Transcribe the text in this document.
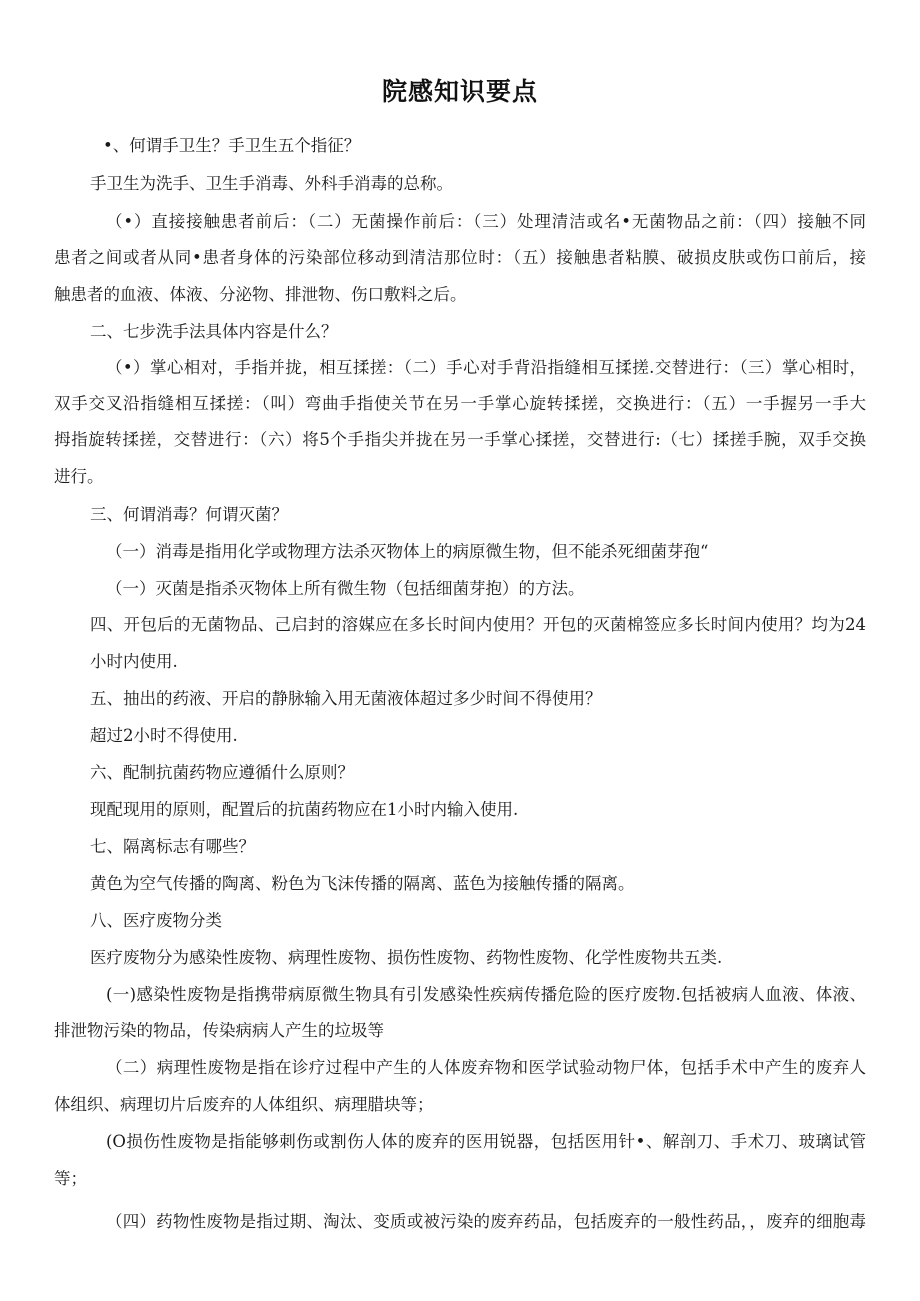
院感知识要点
•、何谓手卫生？手卫生五个指征？
手卫生为洗手、卫生手消毒、外科手消毒的总称。
（•）直接接触患者前后：（二）无菌操作前后：（三）处理清洁或名•无菌物品之前：（四）接触不同
患者之间或者从同•患者身体的污染部位移动到清洁那位时：（五）接触患者粘膜、破损皮肤或伤口前后，接
触患者的血液、体液、分泌物、排泄物、伤口敷料之后。
二、七步洗手法具体内容是什么？
（•）掌心相对，手指并拢，相互揉搓：（二）手心对手背沿指缝相互揉搓.交替进行：（三）掌心相时，
双手交叉沿指缝相互揉搓：（叫）弯曲手指使关节在另一手掌心旋转揉搓，交换进行：（五）一手握另一手大
拇指旋转揉搓，交替进行：（六）将5个手指尖并拢在另一手掌心揉搓，交替进行:（七）揉搓手腕，双手交换
进行。
三、何谓消毒？何谓灭菌？
（一）消毒是指用化学或物理方法杀灭物体上的病原微生物，但不能杀死细菌芽孢“
（一）灭菌是指杀灭物体上所有微生物（包括细菌芽抱）的方法。
四、开包后的无菌物品、己启封的溶媒应在多长时间内使用？开包的灭菌棉签应多长时间内使用？均为24
小时内使用.
五、抽出的药液、开启的静脉输入用无菌液体超过多少时间不得使用？
超过2小时不得使用.
六、配制抗菌药物应遵循什么原则？
现配现用的原则，配置后的抗菌药物应在1小时内输入使用.
七、隔离标志有哪些？
黄色为空气传播的陶离、粉色为飞沫传播的隔离、蓝色为接触传播的隔离。
八、医疗废物分类
医疗废物分为感染性废物、病理性废物、损伤性废物、药物性废物、化学性废物共五类.
(一)感染性废物是指携带病原微生物具有引发感染性疾病传播危险的医疗废物.包括被病人血液、体液、
排泄物污染的物品，传染病病人产生的垃圾等
（二）病理性废物是指在诊疗过程中产生的人体废弃物和医学试验动物尸体，包括手术中产生的废弃人
体组织、病理切片后废弃的人体组织、病理腊块等；
(O损伤性废物是指能够刺伤或割伤人体的废弃的医用锐器，包括医用针•、解剖刀、手术刀、玻璃试管
等；
（四）药物性废物是指过期、淘汰、变质或被污染的废弃药品，包括废弃的一般性药品，，废弃的细胞毒
